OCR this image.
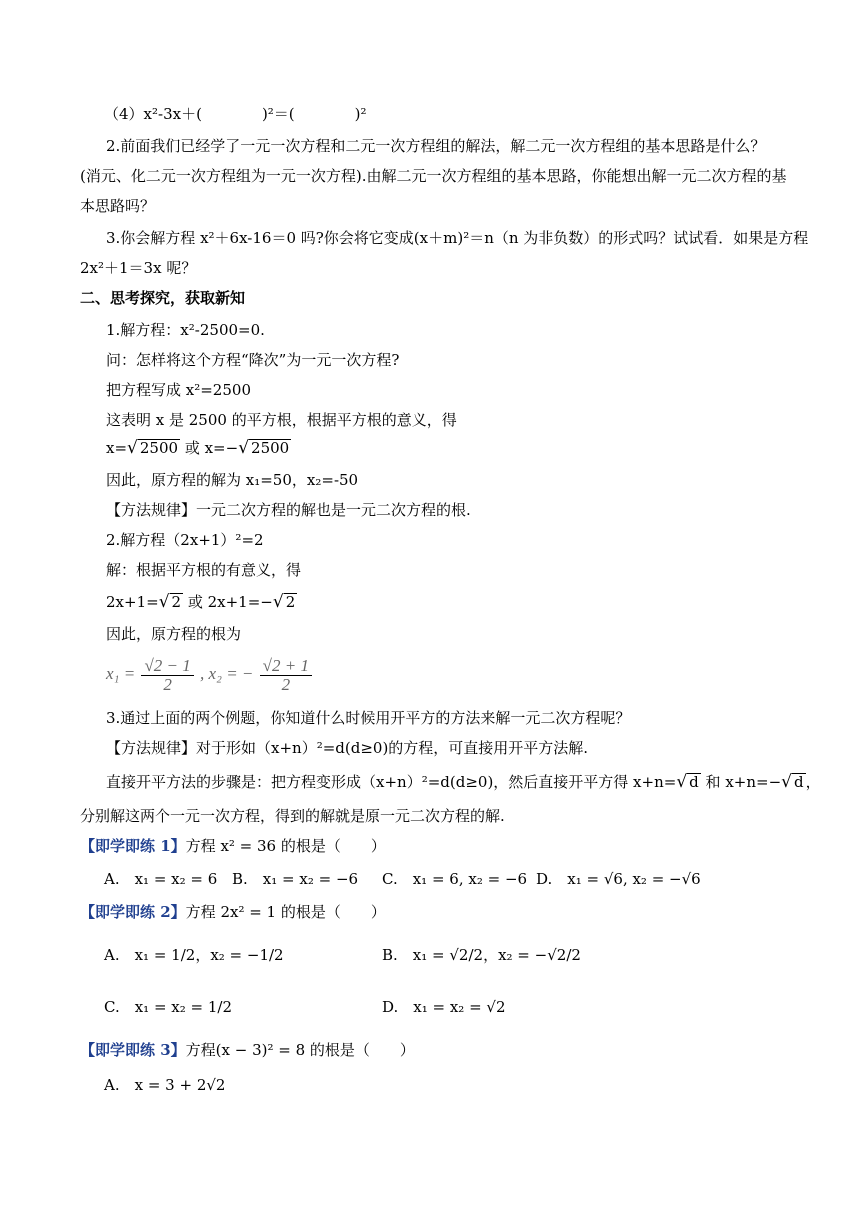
（4）x²-3x＋(　　　　)²＝(　　　　)²
2.前面我们已经学了一元一次方程和二元一次方程组的解法，解二元一次方程组的基本思路是什么？
(消元、化二元一次方程组为一元一次方程).由解二元一次方程组的基本思路，你能想出解一元二次方程的基
本思路吗？
3.你会解方程 x²＋6x-16＝0 吗?你会将它变成(x＋m)²＝n（n 为非负数）的形式吗？试试看．如果是方程
2x²＋1＝3x 呢？
二、思考探究，获取新知
1.解方程：x²-2500=0.
问：怎样将这个方程“降次”为一元一次方程?
把方程写成 x²=2500
这表明 x 是 2500 的平方根，根据平方根的意义，得
x=√ 2500 或 x=−√ 2500
因此，原方程的解为 x₁=50，x₂=-50
【方法规律】一元二次方程的解也是一元二次方程的根.
2.解方程（2x+1）²=2
解：根据平方根的有意义，得
2x+1=√ 2 或 2x+1=−√ 2
因此，原方程的根为
$x_1 = \frac{√2 - 1}{2}$ , x₂ = − $\frac{√2 + 1}{2}$
3.通过上面的两个例题，你知道什么时候用开平方的方法来解一元二次方程呢？
【方法规律】对于形如（x+n）²=d(d≥0)的方程，可直接用开平方法解.
直接开平方法的步骤是：把方程变形成（x+n）²=d(d≥0)，然后直接开平方得 x+n=√ d 和 x+n=−√ d ，
分别解这两个一元一次方程，得到的解就是原一元二次方程的解.
【即学即练 1】方程 x² = 36 的根是（　　）
A.　x₁ = x₂ = 6 B.　x₁ = x₂ = −6 C.　x₁ = 6, x₂ = −6 D.　x₁ = √6, x₂ = −√6
【即学即练 2】方程 2x² = 1 的根是（　　）
A.　x₁ = 1/2，x₂ = −1/2	B.　x₁ = √2/2，x₂ = −√2/2
C.　x₁ = x₂ = 1/2	D.　x₁ = x₂ = √2
【即学即练 3】方程(x − 3)² = 8 的根是（　　）
A.　x = 3 + 2√2
